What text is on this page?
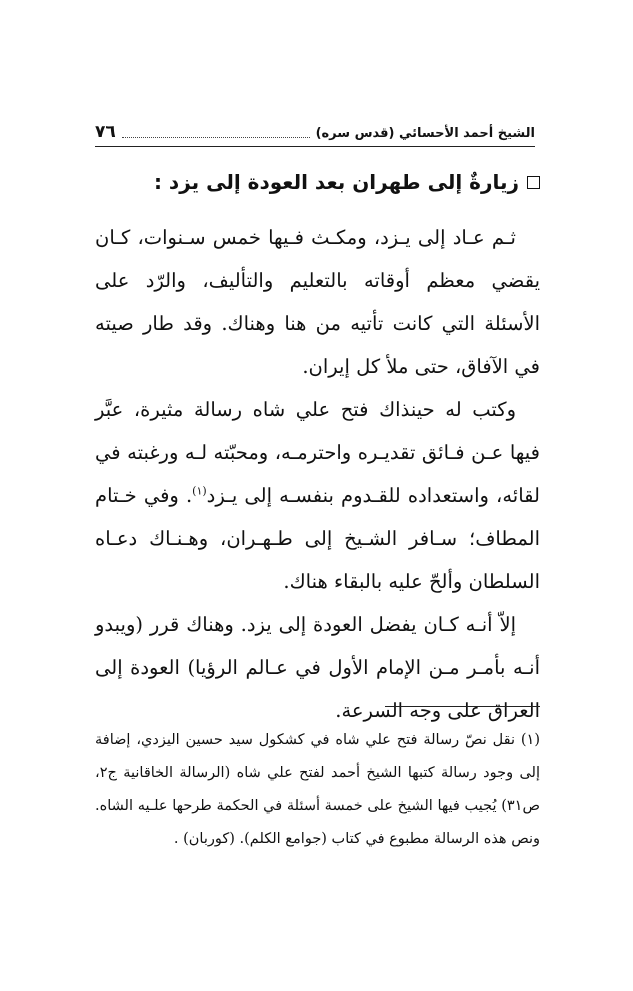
الشيخ أحمد الأحسائي (قدس سره)
٧٦
زيارةٌ إلى طهران بعد العودة إلى يزد :

ثـم عـاد إلى يـزد، ومكـث فـيها خمس سـنوات، كـان يقضي معظم أوقاته بالتعليم والتأليف، والرّد على الأسئلة التي كانت تأتيه من هنا وهناك. وقد طار صيته في الآفاق، حتى ملأ كل إيران.

وكتب له حينذاك فتح علي شاه رسالة مثيرة، عبَّر فيها عـن فـائق تقديـره واحترمـه، ومحبّته لـه ورغبته في لقائه، واستعداده للقـدوم بنفسـه إلى يـزد$^{(١)}$. وفي خـتام المطاف؛ سـافر الشـيخ إلى طـهـران، وهـنـاك دعـاه السلطان وألحّ عليه بالبقاء هناك.

إلاّ أنـه كـان يفضل العودة إلى يزد. وهناك قرر (ويبدو أنـه بأمـر مـن الإمام الأول في عـالم الرؤيا) العودة إلى العراق على وجه السرعة.

(١) نقل نصّ رسالة فتح علي شاه في كشكول سيد حسين اليزدي، إضافة إلى وجود رسالة كتبها الشيخ أحمد لفتح علي شاه (الرسالة الخاقانية ج٢، ص٣١) يُجيب فيها الشيخ على خمسة أسئلة في الحكمة طرحها علـيه الشاه. ونص هذه الرسالة مطبوع في كتاب (جوامع الكلم). (كوربان) .
